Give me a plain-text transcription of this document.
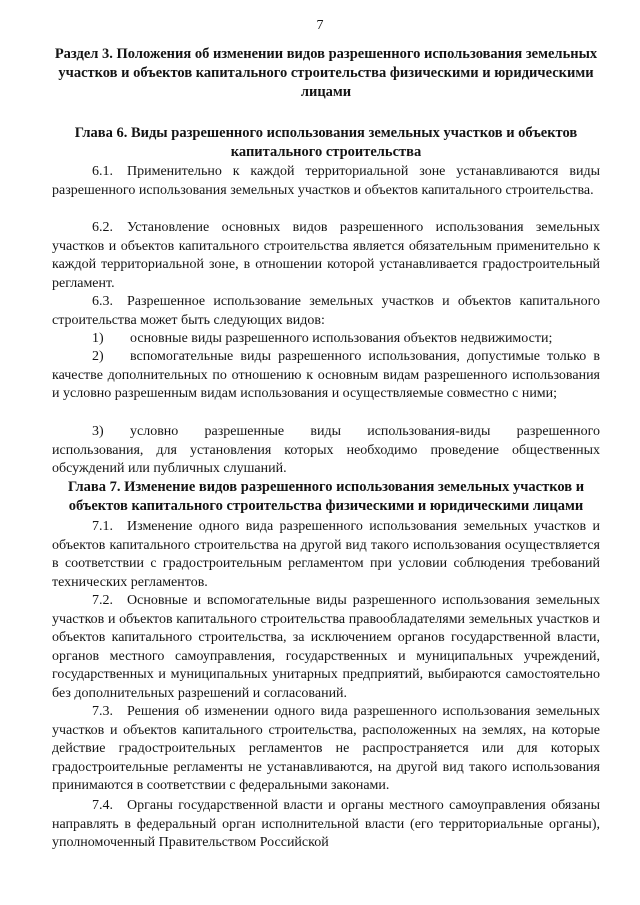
7
Раздел 3. Положения об изменении видов разрешенного использования земельных участков и объектов капитального строительства физическими и юридическими лицами
Глава 6. Виды разрешенного использования земельных участков и объектов капитального строительства

6.1. Применительно к каждой территориальной зоне устанавливаются виды разрешенного использования земельных участков и объектов капитального строительства.

6.2. Установление основных видов разрешенного использования земельных участков и объектов капитального строительства является обязательным применительно к каждой территориальной зоне, в отношении которой устанавливается градостроительный регламент.

6.3. Разрешенное использование земельных участков и объектов капитального строительства может быть следующих видов:

1) основные виды разрешенного использования объектов недвижимости;

2) вспомогательные виды разрешенного использования, допустимые только в качестве дополнительных по отношению к основным видам разрешенного использования и условно разрешенным видам использования и осуществляемые совместно с ними;

3) условно разрешенные виды использования-виды разрешенного использования, для установления которых необходимо проведение общественных обсуждений или публичных слушаний.

Глава 7. Изменение видов разрешенного использования земельных участков и объектов капитального строительства физическими и юридическими лицами

7.1. Изменение одного вида разрешенного использования земельных участков и объектов капитального строительства на другой вид такого использования осуществляется в соответствии с градостроительным регламентом при условии соблюдения требований технических регламентов.

7.2. Основные и вспомогательные виды разрешенного использования земельных участков и объектов капитального строительства правообладателями земельных участков и объектов капитального строительства, за исключением органов государственной власти, органов местного самоуправления, государственных и муниципальных учреждений, государственных и муниципальных унитарных предприятий, выбираются самостоятельно без дополнительных разрешений и согласований.

7.3. Решения об изменении одного вида разрешенного использования земельных участков и объектов капитального строительства, расположенных на землях, на которые действие градостроительных регламентов не распространяется или для которых градостроительные регламенты не устанавливаются, на другой вид такого использования принимаются в соответствии с федеральными законами.

7.4. Органы государственной власти и органы местного самоуправления обязаны направлять в федеральный орган исполнительной власти (его территориальные органы), уполномоченный Правительством Российской
